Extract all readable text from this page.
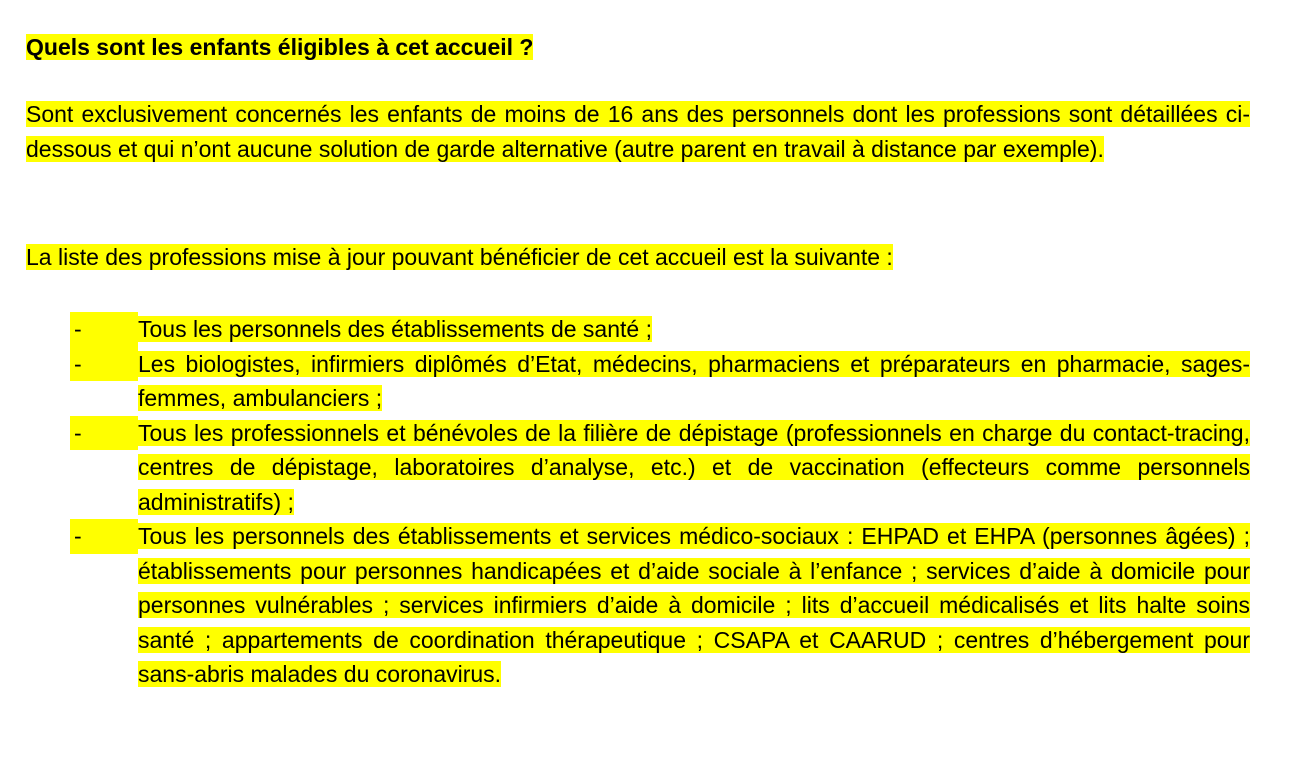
Quels sont les enfants éligibles à cet accueil ?
Sont exclusivement concernés les enfants de moins de 16 ans des personnels dont les professions sont détaillées ci-dessous et qui n’ont aucune solution de garde alternative (autre parent en travail à distance par exemple).
La liste des professions mise à jour pouvant bénéficier de cet accueil est la suivante :
- Tous les personnels des établissements de santé ;
- Les biologistes, infirmiers diplômés d’Etat, médecins, pharmaciens et préparateurs en pharmacie, sages-femmes, ambulanciers ;
- Tous les professionnels et bénévoles de la filière de dépistage (professionnels en charge du contact-tracing, centres de dépistage, laboratoires d’analyse, etc.) et de vaccination (effecteurs comme personnels administratifs) ;
- Tous les personnels des établissements et services médico-sociaux : EHPAD et EHPA (personnes âgées) ; établissements pour personnes handicapées et d’aide sociale à l’enfance ; services d’aide à domicile pour personnes vulnérables ; services infirmiers d’aide à domicile ; lits d’accueil médicalisés et lits halte soins santé ; appartements de coordination thérapeutique ; CSAPA et CAARUD ; centres d’hébergement pour sans-abris malades du coronavirus.
